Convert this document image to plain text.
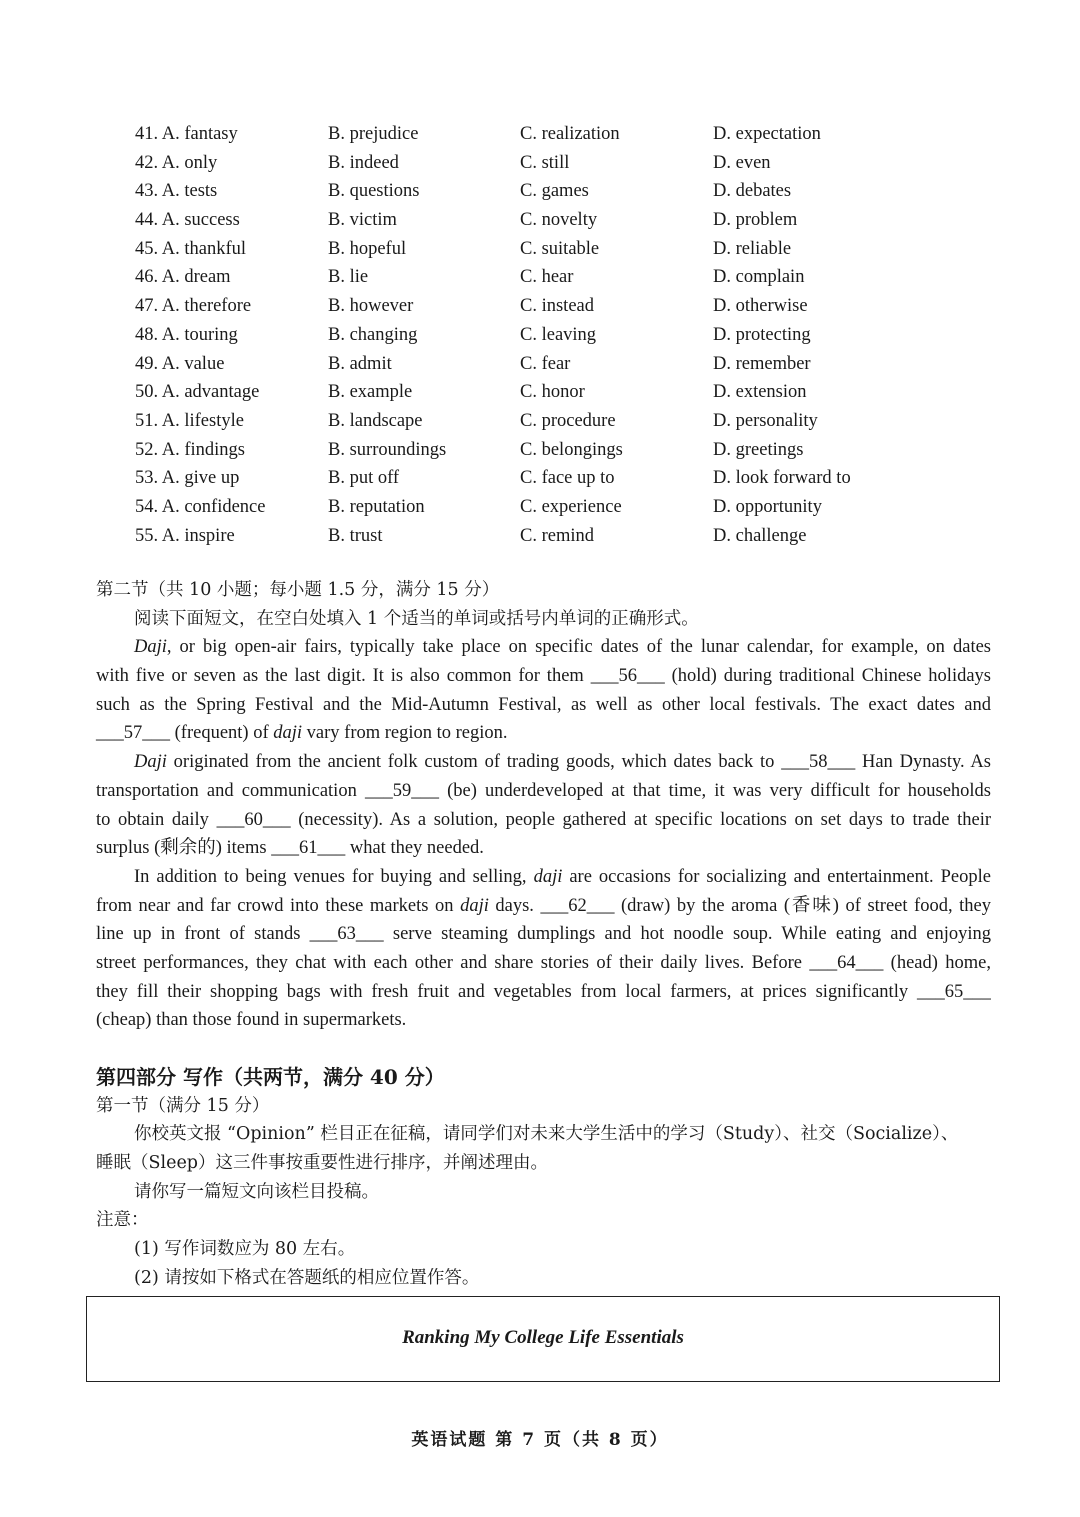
41. A. fantasy	B. prejudice	C. realization	D. expectation
42. A. only	B. indeed	C. still	D. even
43. A. tests	B. questions	C. games	D. debates
44. A. success	B. victim	C. novelty	D. problem
45. A. thankful	B. hopeful	C. suitable	D. reliable
46. A. dream	B. lie	C. hear	D. complain
47. A. therefore	B. however	C. instead	D. otherwise
48. A. touring	B. changing	C. leaving	D. protecting
49. A. value	B. admit	C. fear	D. remember
50. A. advantage	B. example	C. honor	D. extension
51. A. lifestyle	B. landscape	C. procedure	D. personality
52. A. findings	B. surroundings	C. belongings	D. greetings
53. A. give up	B. put off	C. face up to	D. look forward to
54. A. confidence	B. reputation	C. experience	D. opportunity
55. A. inspire	B. trust	C. remind	D. challenge
第二节（共 10 小题；每小题 1.5 分，满分 15 分）
阅读下面短文，在空白处填入 1 个适当的单词或括号内单词的正确形式。
Daji, or big open-air fairs, typically take place on specific dates of the lunar calendar, for example, on dates
with five or seven as the last digit. It is also common for them ___56___ (hold) during traditional Chinese holidays
such as the Spring Festival and the Mid-Autumn Festival, as well as other local festivals. The exact dates and
___57___ (frequent) of daji vary from region to region.
Daji originated from the ancient folk custom of trading goods, which dates back to ___58___ Han Dynasty. As
transportation and communication ___59___ (be) underdeveloped at that time, it was very difficult for households
to obtain daily ___60___ (necessity). As a solution, people gathered at specific locations on set days to trade their
surplus (剩余的) items ___61___ what they needed.
In addition to being venues for buying and selling, daji are occasions for socializing and entertainment. People
from near and far crowd into these markets on daji days. ___62___ (draw) by the aroma (香味) of street food, they
line up in front of stands ___63___ serve steaming dumplings and hot noodle soup. While eating and enjoying
street performances, they chat with each other and share stories of their daily lives. Before ___64___ (head) home,
they fill their shopping bags with fresh fruit and vegetables from local farmers, at prices significantly ___65___
(cheap) than those found in supermarkets.
第四部分 写作（共两节，满分 40 分）
第一节（满分 15 分）
你校英文报 “Opinion” 栏目正在征稿，请同学们对未来大学生活中的学习（Study）、社交（Socialize）、
睡眠（Sleep）这三件事按重要性进行排序，并阐述理由。
请你写一篇短文向该栏目投稿。
注意：
(1) 写作词数应为 80 左右。
(2) 请按如下格式在答题纸的相应位置作答。
Ranking My College Life Essentials
英语试题 第 7 页（共 8 页）
